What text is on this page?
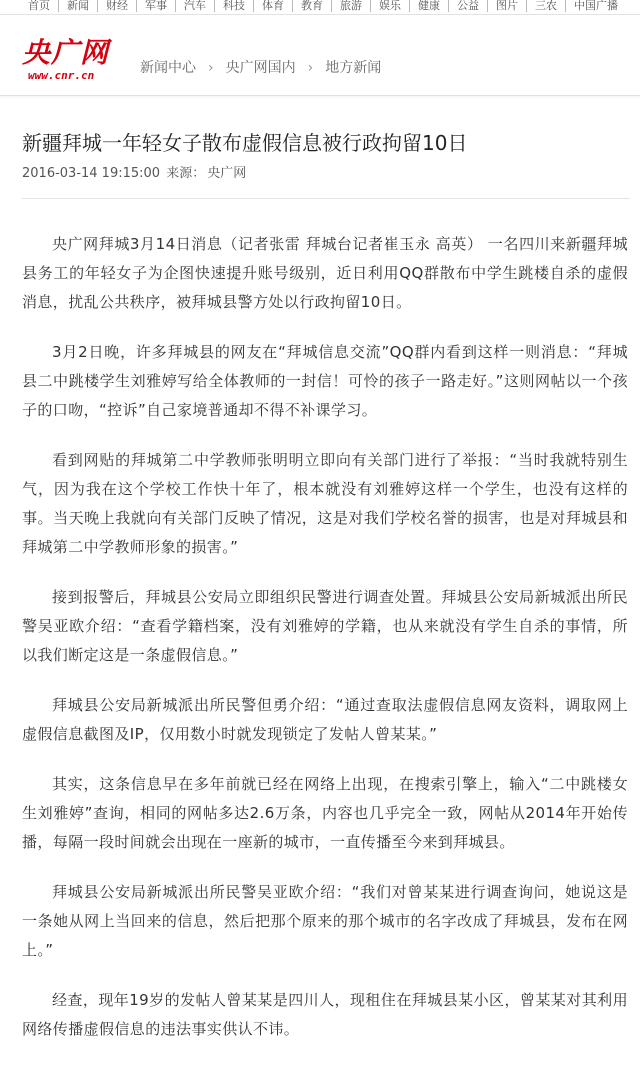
首页 新闻 财经 军事 汽车 科技 体育 教育 旅游 娱乐 健康 公益 图片 三农 中国广播
央广网
www.cnr.cn	新闻中心 › 央广网国内 › 地方新闻
新疆拜城一年轻女子散布虚假信息被行政拘留10日
2016-03-14 19:15:00 来源： 央广网

央广网拜城3月14日消息（记者张雷 拜城台记者崔玉永 高英） 一名四川来新疆拜城县务工的年轻女子为企图快速提升账号级别，近日利用QQ群散布中学生跳楼自杀的虚假消息，扰乱公共秩序，被拜城县警方处以行政拘留10日。

3月2日晚，许多拜城县的网友在“拜城信息交流”QQ群内看到这样一则消息：“拜城县二中跳楼学生刘雅婷写给全体教师的一封信！可怜的孩子一路走好。”这则网帖以一个孩子的口吻，“控诉”自己家境普通却不得不补课学习。

看到网贴的拜城第二中学教师张明明立即向有关部门进行了举报：“当时我就特别生气，因为我在这个学校工作快十年了，根本就没有刘雅婷这样一个学生，也没有这样的事。当天晚上我就向有关部门反映了情况，这是对我们学校名誉的损害，也是对拜城县和拜城第二中学教师形象的损害。”

接到报警后，拜城县公安局立即组织民警进行调查处置。拜城县公安局新城派出所民警吴亚欧介绍：“查看学籍档案，没有刘雅婷的学籍，也从来就没有学生自杀的事情，所以我们断定这是一条虚假信息。”

拜城县公安局新城派出所民警但勇介绍：“通过查取法虚假信息网友资料，调取网上虚假信息截图及IP，仅用数小时就发现锁定了发帖人曾某某。”

其实，这条信息早在多年前就已经在网络上出现，在搜索引擎上，输入“二中跳楼女生刘雅婷”查询，相同的网帖多达2.6万条，内容也几乎完全一致，网帖从2014年开始传播，每隔一段时间就会出现在一座新的城市，一直传播至今来到拜城县。

拜城县公安局新城派出所民警吴亚欧介绍：“我们对曾某某进行调查询问，她说这是一条她从网上当回来的信息，然后把那个原来的那个城市的名字改成了拜城县，发布在网上。”

经查，现年19岁的发帖人曾某某是四川人，现租住在拜城县某小区，曾某某对其利用网络传播虚假信息的违法事实供认不讳。
